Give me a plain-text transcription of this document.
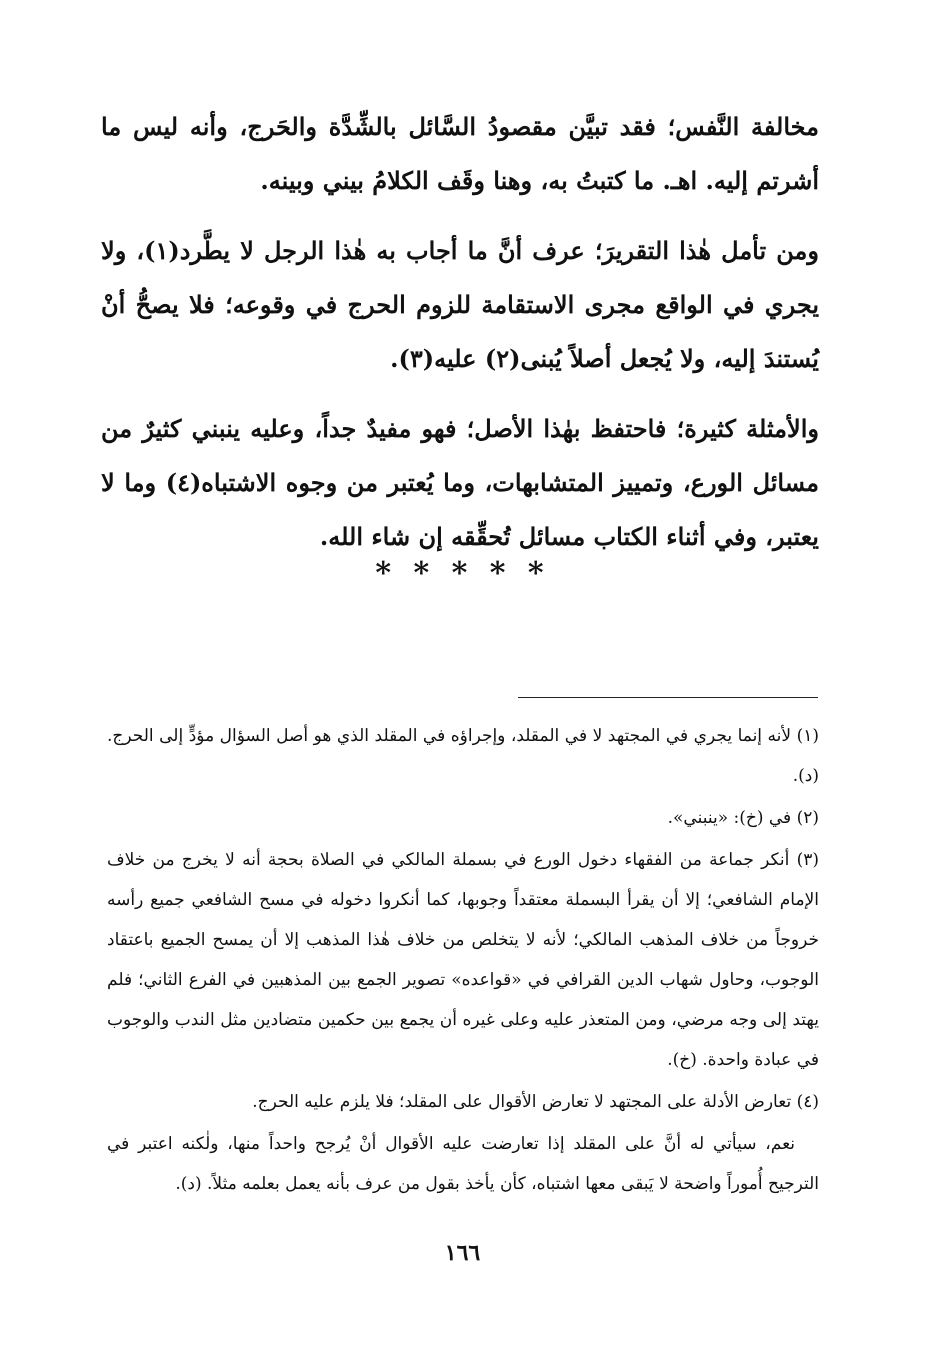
مخالفة النَّفس؛ فقد تبيَّن مقصودُ السَّائل بالشِّدَّة والحَرج، وأنه ليس ما أشرتم إليه. اهـ. ما كتبتُ به، وهنا وقَف الكلامُ بيني وبينه.

ومن تأمل هٰذا التقريرَ؛ عرف أنَّ ما أجاب به هٰذا الرجل لا يطَّرد(١)، ولا يجري في الواقع مجرى الاستقامة للزوم الحرج في وقوعه؛ فلا يصحُّ أنْ يُستندَ إليه، ولا يُجعل أصلاً يُبنى(٢) عليه(٣).

والأمثلة كثيرة؛ فاحتفظ بهٰذا الأصل؛ فهو مفيدٌ جداً، وعليه ينبني كثيرٌ من مسائل الورع، وتمييز المتشابهات، وما يُعتبر من وجوه الاشتباه(٤) وما لا يعتبر، وفي أثناء الكتاب مسائل تُحقِّقه إن شاء الله.

* * * * *

(١) لأنه إنما يجري في المجتهد لا في المقلد، وإجراؤه في المقلد الذي هو أصل السؤال مؤدٍّ إلى الحرج. (د).

(٢) في (خ): «ينبني».

(٣) أنكر جماعة من الفقهاء دخول الورع في بسملة المالكي في الصلاة بحجة أنه لا يخرج من خلاف الإمام الشافعي؛ إلا أن يقرأ البسملة معتقداً وجوبها، كما أنكروا دخوله في مسح الشافعي جميع رأسه خروجاً من خلاف المذهب المالكي؛ لأنه لا يتخلص من خلاف هٰذا المذهب إلا أن يمسح الجميع باعتقاد الوجوب، وحاول شهاب الدين القرافي في «قواعده» تصوير الجمع بين المذهبين في الفرع الثاني؛ فلم يهتد إلى وجه مرضي، ومن المتعذر عليه وعلى غيره أن يجمع بين حكمين متضادين مثل الندب والوجوب في عبادة واحدة. (خ).

(٤) تعارض الأدلة على المجتهد لا تعارض الأقوال على المقلد؛ فلا يلزم عليه الحرج.

نعم، سيأتي له أنَّ على المقلد إذا تعارضت عليه الأقوال أنْ يُرجح واحداً منها، ولٰكنه اعتبر في الترجيح أُموراً واضحة لا يَبقى معها اشتباه، كأن يأخذ بقول من عرف بأنه يعمل بعلمه مثلاً. (د).

١٦٦
